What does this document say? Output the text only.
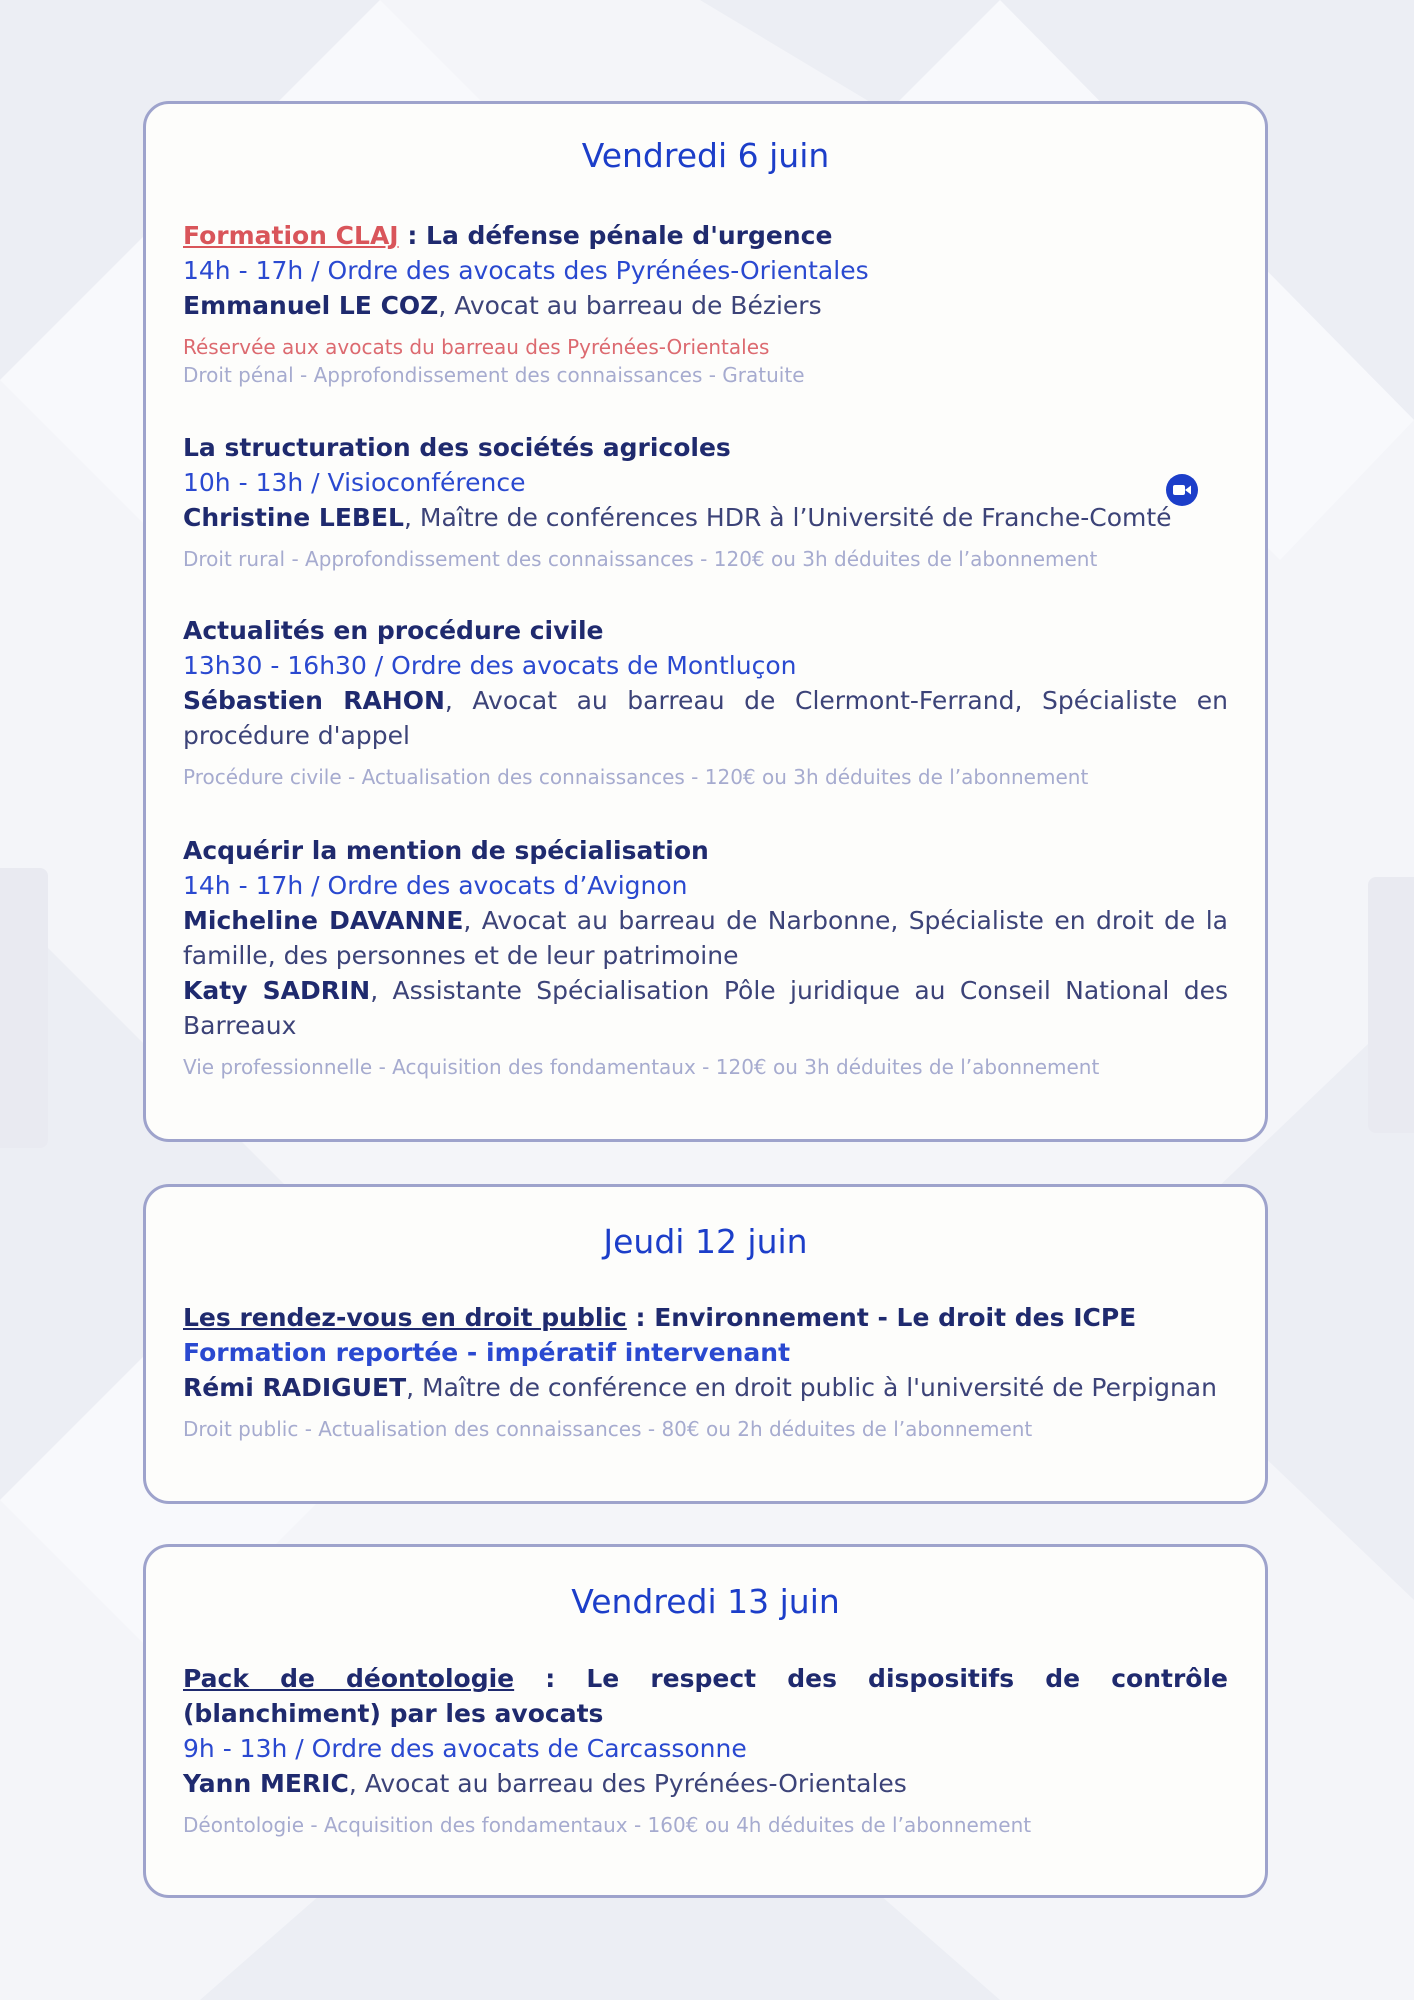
Vendredi 6 juin
Formation CLAJ : La défense pénale d'urgence
14h - 17h / Ordre des avocats des Pyrénées-Orientales
Emmanuel LE COZ, Avocat au barreau de Béziers
Réservée aux avocats du barreau des Pyrénées-Orientales
Droit pénal - Approfondissement des connaissances - Gratuite
La structuration des sociétés agricoles
10h - 13h / Visioconférence
Christine LEBEL, Maître de conférences HDR à l’Université de Franche-Comté
Droit rural - Approfondissement des connaissances - 120€ ou 3h déduites de l’abonnement
Actualités en procédure civile
13h30 - 16h30 / Ordre des avocats de Montluçon
Sébastien RAHON, Avocat au barreau de Clermont-Ferrand, Spécialiste en procédure d'appel
Procédure civile - Actualisation des connaissances - 120€ ou 3h déduites de l’abonnement
Acquérir la mention de spécialisation
14h - 17h / Ordre des avocats d’Avignon
Micheline DAVANNE, Avocat au barreau de Narbonne, Spécialiste en droit de la famille, des personnes et de leur patrimoine
Katy SADRIN, Assistante Spécialisation Pôle juridique au Conseil National des Barreaux
Vie professionnelle - Acquisition des fondamentaux - 120€ ou 3h déduites de l’abonnement
Jeudi 12 juin
Les rendez-vous en droit public : Environnement - Le droit des ICPE
Formation reportée - impératif intervenant
Rémi RADIGUET, Maître de conférence en droit public à l'université de Perpignan
Droit public - Actualisation des connaissances - 80€ ou 2h déduites de l’abonnement
Vendredi 13 juin
Pack de déontologie : Le respect des dispositifs de contrôle (blanchiment) par les avocats
9h - 13h / Ordre des avocats de Carcassonne
Yann MERIC, Avocat au barreau des Pyrénées-Orientales
Déontologie - Acquisition des fondamentaux - 160€ ou 4h déduites de l’abonnement
